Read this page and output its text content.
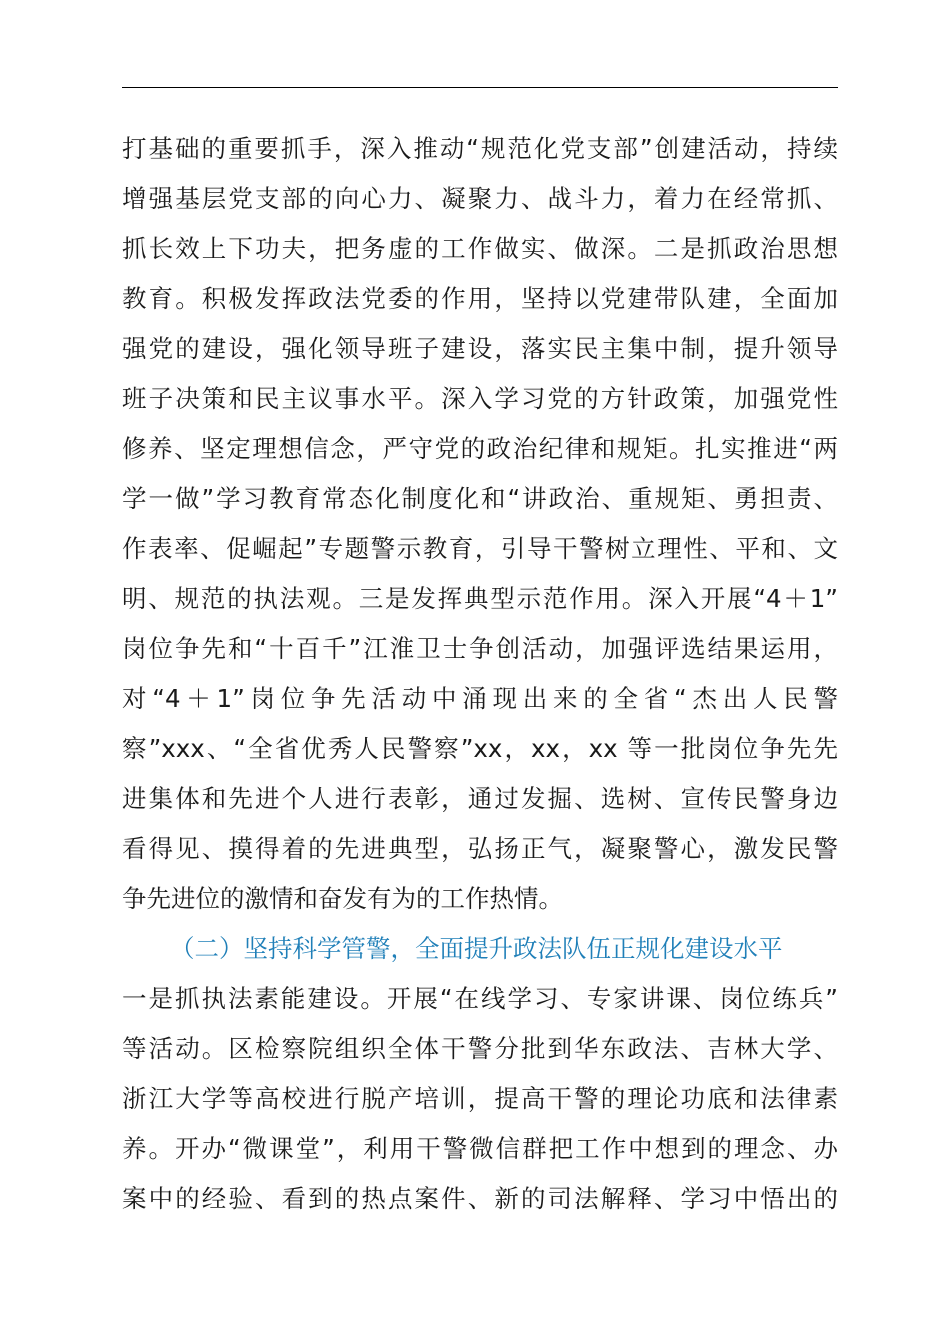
打基础的重要抓手，深入推动“规范化党支部”创建活动，持续
增强基层党支部的向心力、凝聚力、战斗力，着力在经常抓、
抓长效上下功夫，把务虚的工作做实、做深。二是抓政治思想
教育。积极发挥政法党委的作用，坚持以党建带队建，全面加
强党的建设，强化领导班子建设，落实民主集中制，提升领导
班子决策和民主议事水平。深入学习党的方针政策，加强党性
修养、坚定理想信念，严守党的政治纪律和规矩。扎实推进“两
学一做”学习教育常态化制度化和“讲政治、重规矩、勇担责、
作表率、促崛起”专题警示教育，引导干警树立理性、平和、文
明、规范的执法观。三是发挥典型示范作用。深入开展“4＋1”
岗位争先和“十百千”江淮卫士争创活动，加强评选结果运用，
对“4＋1”岗位争先活动中涌现出来的全省“杰出人民警
察”xxx、“全省优秀人民警察”xx，xx，xx 等一批岗位争先先
进集体和先进个人进行表彰，通过发掘、选树、宣传民警身边
看得见、摸得着的先进典型，弘扬正气，凝聚警心，激发民警
争先进位的激情和奋发有为的工作热情。
（二）坚持科学管警，全面提升政法队伍正规化建设水平
一是抓执法素能建设。开展“在线学习、专家讲课、岗位练兵”
等活动。区检察院组织全体干警分批到华东政法、吉林大学、
浙江大学等高校进行脱产培训，提高干警的理论功底和法律素
养。开办“微课堂”，利用干警微信群把工作中想到的理念、办
案中的经验、看到的热点案件、新的司法解释、学习中悟出的
